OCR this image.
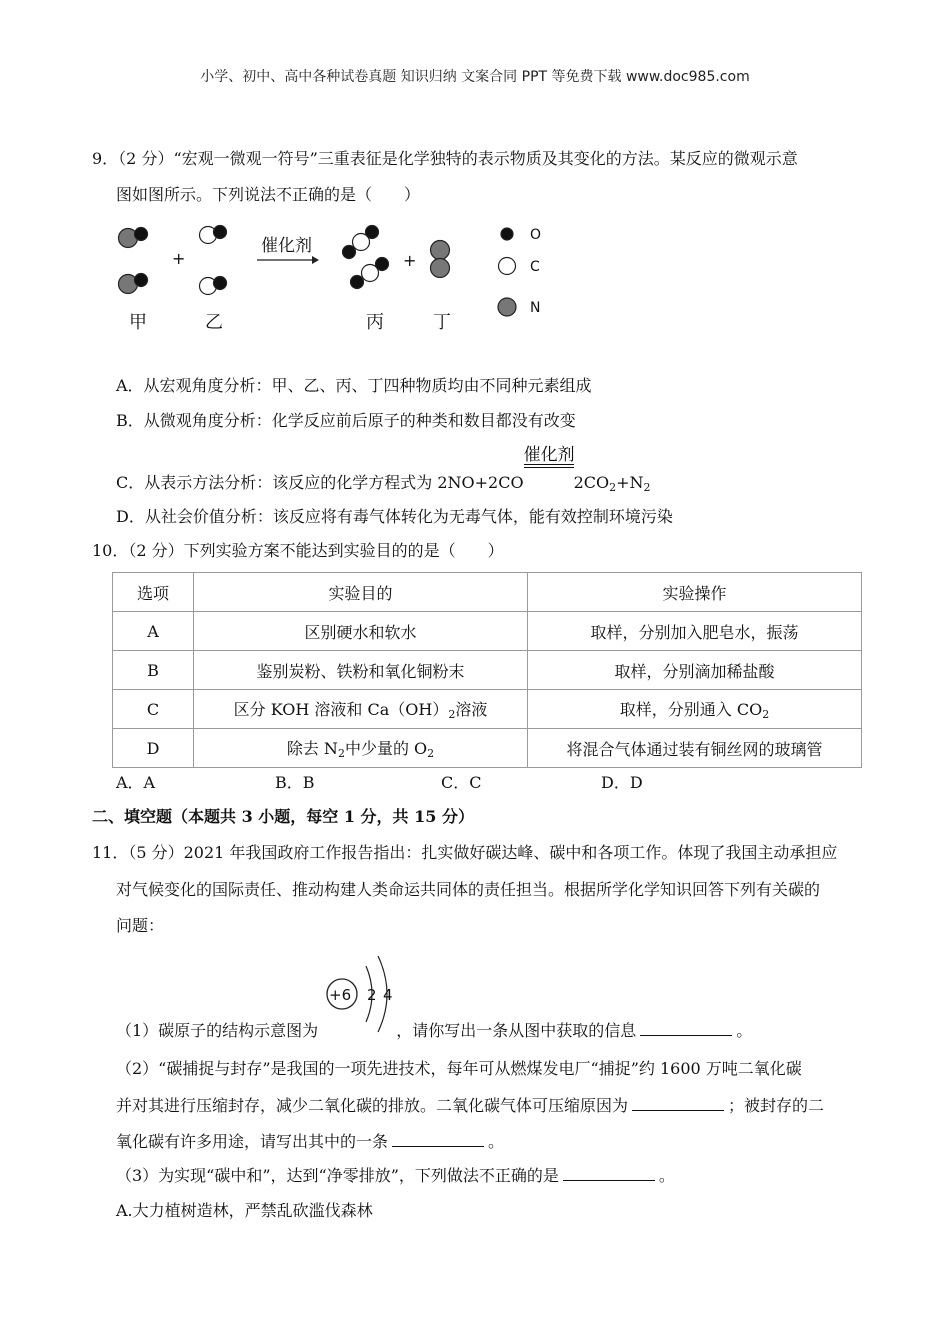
小学、初中、高中各种试卷真题 知识归纳 文案合同 PPT 等免费下载 www.doc985.com
9．（2 分）“宏观一微观一符号”三重表征是化学独特的表示物质及其变化的方法。某反应的微观示意
图如图所示。下列说法不正确的是（　　）
催化剂
+	+
甲	乙	丙	丁
O
C
N
A．从宏观角度分析：甲、乙、丙、丁四种物质均由不同种元素组成
B．从微观角度分析：化学反应前后原子的种类和数目都没有改变
C．从表示方法分析：该反应的化学方程式为 2NO+2CO
催化剂
$2CO_2+N_2$
D．从社会价值分析：该反应将有毒气体转化为无毒气体，能有效控制环境污染
10．（2 分）下列实验方案不能达到实验目的的是（　　）
选项	实验目的	实验操作
A	区别硬水和软水	取样，分别加入肥皂水，振荡
B	鉴别炭粉、铁粉和氧化铜粉末	取样，分别滴加稀盐酸
C	区分 KOH 溶液和 $Ca(OH)_2$溶液	取样，分别通入 $CO_2$
D	除去 $N_2$中少量的 $O_2$	将混合气体通过装有铜丝网的玻璃管
A．A	B．B	C．C	D．D
二、填空题（本题共 3 小题，每空 1 分，共 15 分）
11．（5 分）2021 年我国政府工作报告指出：扎实做好碳达峰、碳中和各项工作。体现了我国主动承担应
对气候变化的国际责任、推动构建人类命运共同体的责任担当。根据所学化学知识回答下列有关碳的
问题：
+6 2 4
（1）碳原子的结构示意图为	，请你写出一条从图中获取的信息	。
（2）“碳捕捉与封存”是我国的一项先进技术，每年可从燃煤发电厂“捕捉”约 1600 万吨二氧化碳
并对其进行压缩封存，减少二氧化碳的排放。二氧化碳气体可压缩原因为	；被封存的二
氧化碳有许多用途，请写出其中的一条	。
（3）为实现“碳中和”，达到“净零排放”，下列做法不正确的是	。
A.大力植树造林，严禁乱砍滥伐森林
